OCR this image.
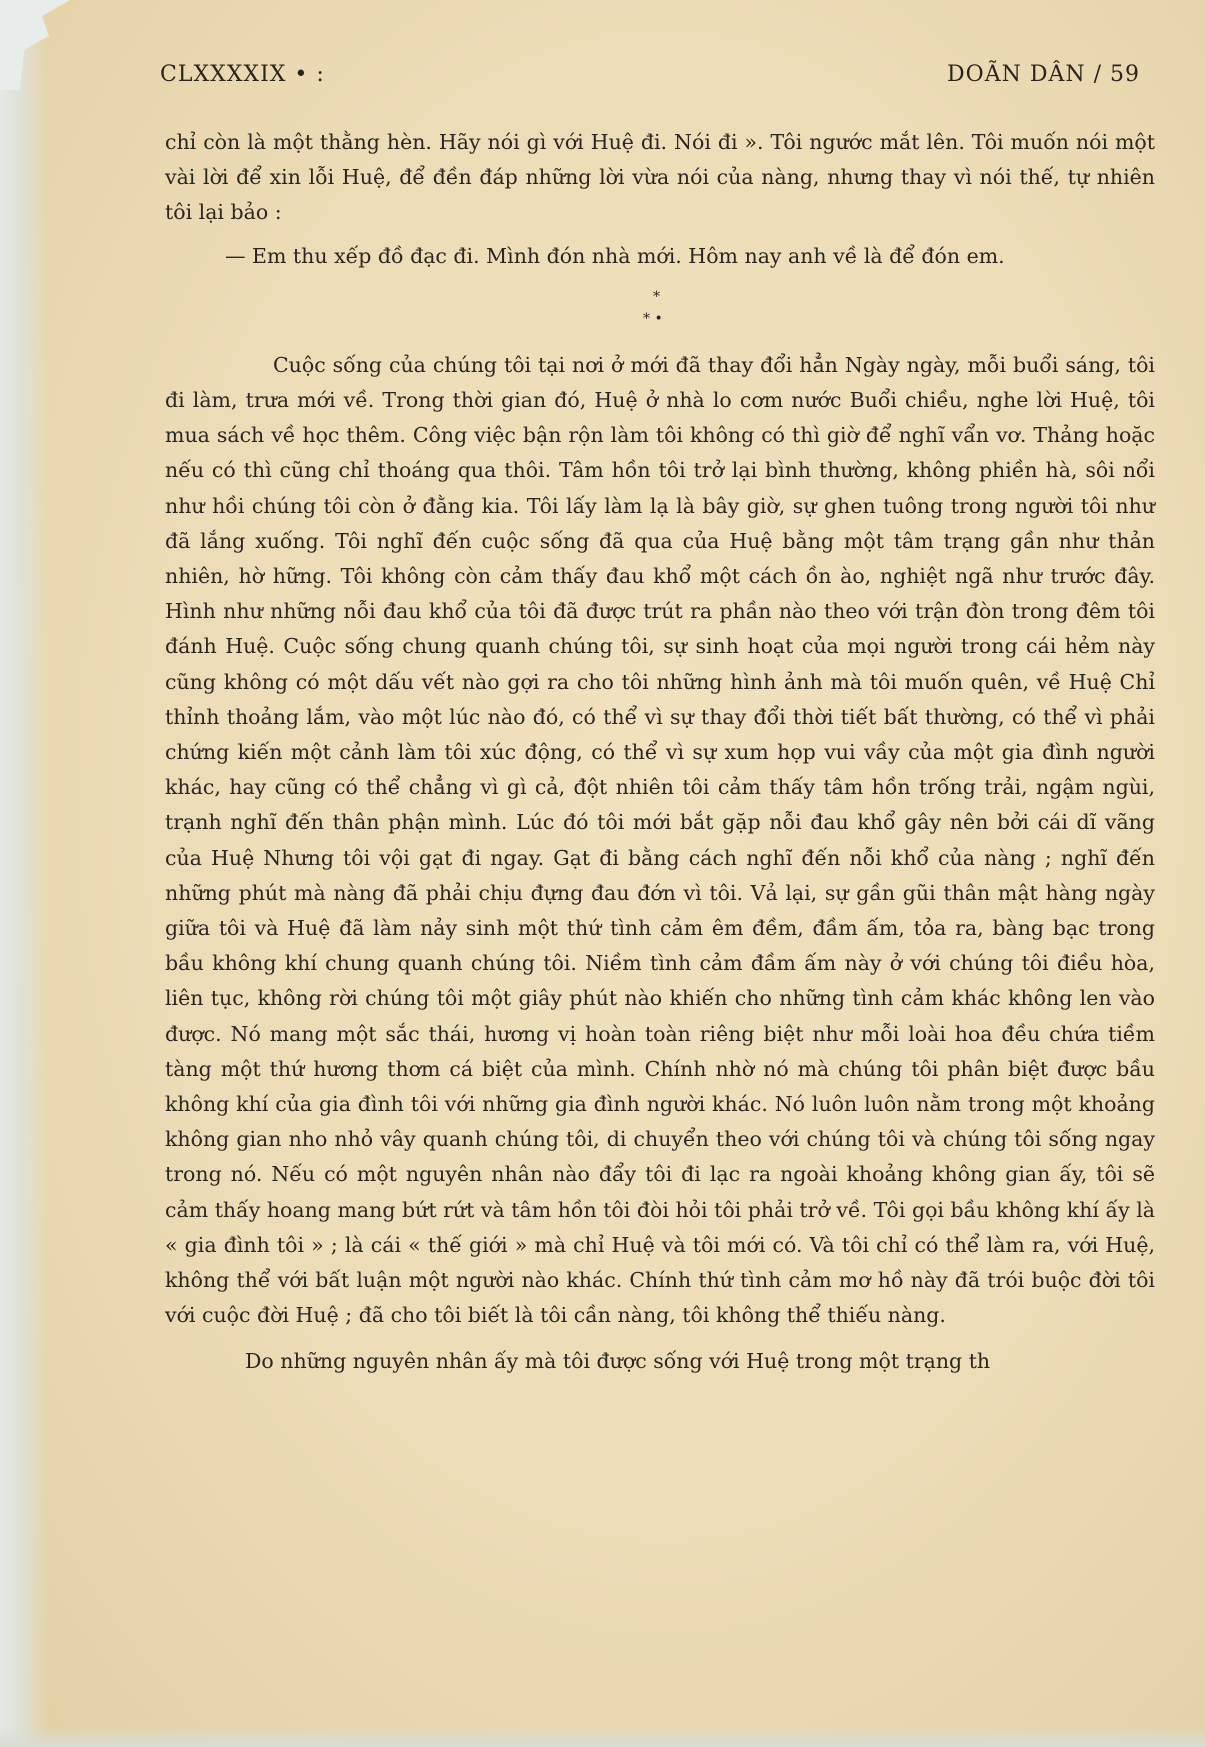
CLXXXXIX • :	DOÃN DÂN / 59

chỉ còn là một thằng hèn. Hãy nói gì với Huệ đi. Nói đi ». Tôi ngước mắt lên. Tôi muốn nói một vài lời để xin lỗi Huệ, để đền đáp những lời vừa nói của nàng, nhưng thay vì nói thế, tự nhiên tôi lại bảo :

— Em thu xếp đồ đạc đi. Mình đón nhà mới. Hôm nay anh về là để đón em.

*
* •

Cuộc sống của chúng tôi tại nơi ở mới đã thay đổi hẳn Ngày ngày, mỗi buổi sáng, tôi đi làm, trưa mới về. Trong thời gian đó, Huệ ở nhà lo cơm nước Buổi chiều, nghe lời Huệ, tôi mua sách về học thêm. Công việc bận rộn làm tôi không có thì giờ để nghĩ vẩn vơ. Thảng hoặc nếu có thì cũng chỉ thoáng qua thôi. Tâm hồn tôi trở lại bình thường, không phiền hà, sôi nổi như hồi chúng tôi còn ở đằng kia. Tôi lấy làm lạ là bây giờ, sự ghen tuông trong người tôi như đã lắng xuống. Tôi nghĩ đến cuộc sống đã qua của Huệ bằng một tâm trạng gần như thản nhiên, hờ hững. Tôi không còn cảm thấy đau khổ một cách ồn ào, nghiệt ngã như trước đây. Hình như những nỗi đau khổ của tôi đã được trút ra phần nào theo với trận đòn trong đêm tôi đánh Huệ. Cuộc sống chung quanh chúng tôi, sự sinh hoạt của mọi người trong cái hẻm này cũng không có một dấu vết nào gợi ra cho tôi những hình ảnh mà tôi muốn quên, về Huệ Chỉ thỉnh thoảng lắm, vào một lúc nào đó, có thể vì sự thay đổi thời tiết bất thường, có thể vì phải chứng kiến một cảnh làm tôi xúc động, có thể vì sự xum họp vui vầy của một gia đình người khác, hay cũng có thể chẳng vì gì cả, đột nhiên tôi cảm thấy tâm hồn trống trải, ngậm ngùi, trạnh nghĩ đến thân phận mình. Lúc đó tôi mới bắt gặp nỗi đau khổ gây nên bởi cái dĩ vãng của Huệ Nhưng tôi vội gạt đi ngay. Gạt đi bằng cách nghĩ đến nỗi khổ của nàng ; nghĩ đến những phút mà nàng đã phải chịu đựng đau đớn vì tôi. Vả lại, sự gần gũi thân mật hàng ngày giữa tôi và Huệ đã làm nảy sinh một thứ tình cảm êm đềm, đầm ấm, tỏa ra, bàng bạc trong bầu không khí chung quanh chúng tôi. Niềm tình cảm đầm ấm này ở với chúng tôi điều hòa, liên tục, không rời chúng tôi một giây phút nào khiến cho những tình cảm khác không len vào được. Nó mang một sắc thái, hương vị hoàn toàn riêng biệt như mỗi loài hoa đều chứa tiềm tàng một thứ hương thơm cá biệt của mình. Chính nhờ nó mà chúng tôi phân biệt được bầu không khí của gia đình tôi với những gia đình người khác. Nó luôn luôn nằm trong một khoảng không gian nho nhỏ vây quanh chúng tôi, di chuyển theo với chúng tôi và chúng tôi sống ngay trong nó. Nếu có một nguyên nhân nào đẩy tôi đi lạc ra ngoài khoảng không gian ấy, tôi sẽ cảm thấy hoang mang bứt rứt và tâm hồn tôi đòi hỏi tôi phải trở về. Tôi gọi bầu không khí ấy là « gia đình tôi » ; là cái « thế giới » mà chỉ Huệ và tôi mới có. Và tôi chỉ có thể làm ra, với Huệ, không thể với bất luận một người nào khác. Chính thứ tình cảm mơ hồ này đã trói buộc đời tôi với cuộc đời Huệ ; đã cho tôi biết là tôi cần nàng, tôi không thể thiếu nàng.

Do những nguyên nhân ấy mà tôi được sống với Huệ trong một trạng th
